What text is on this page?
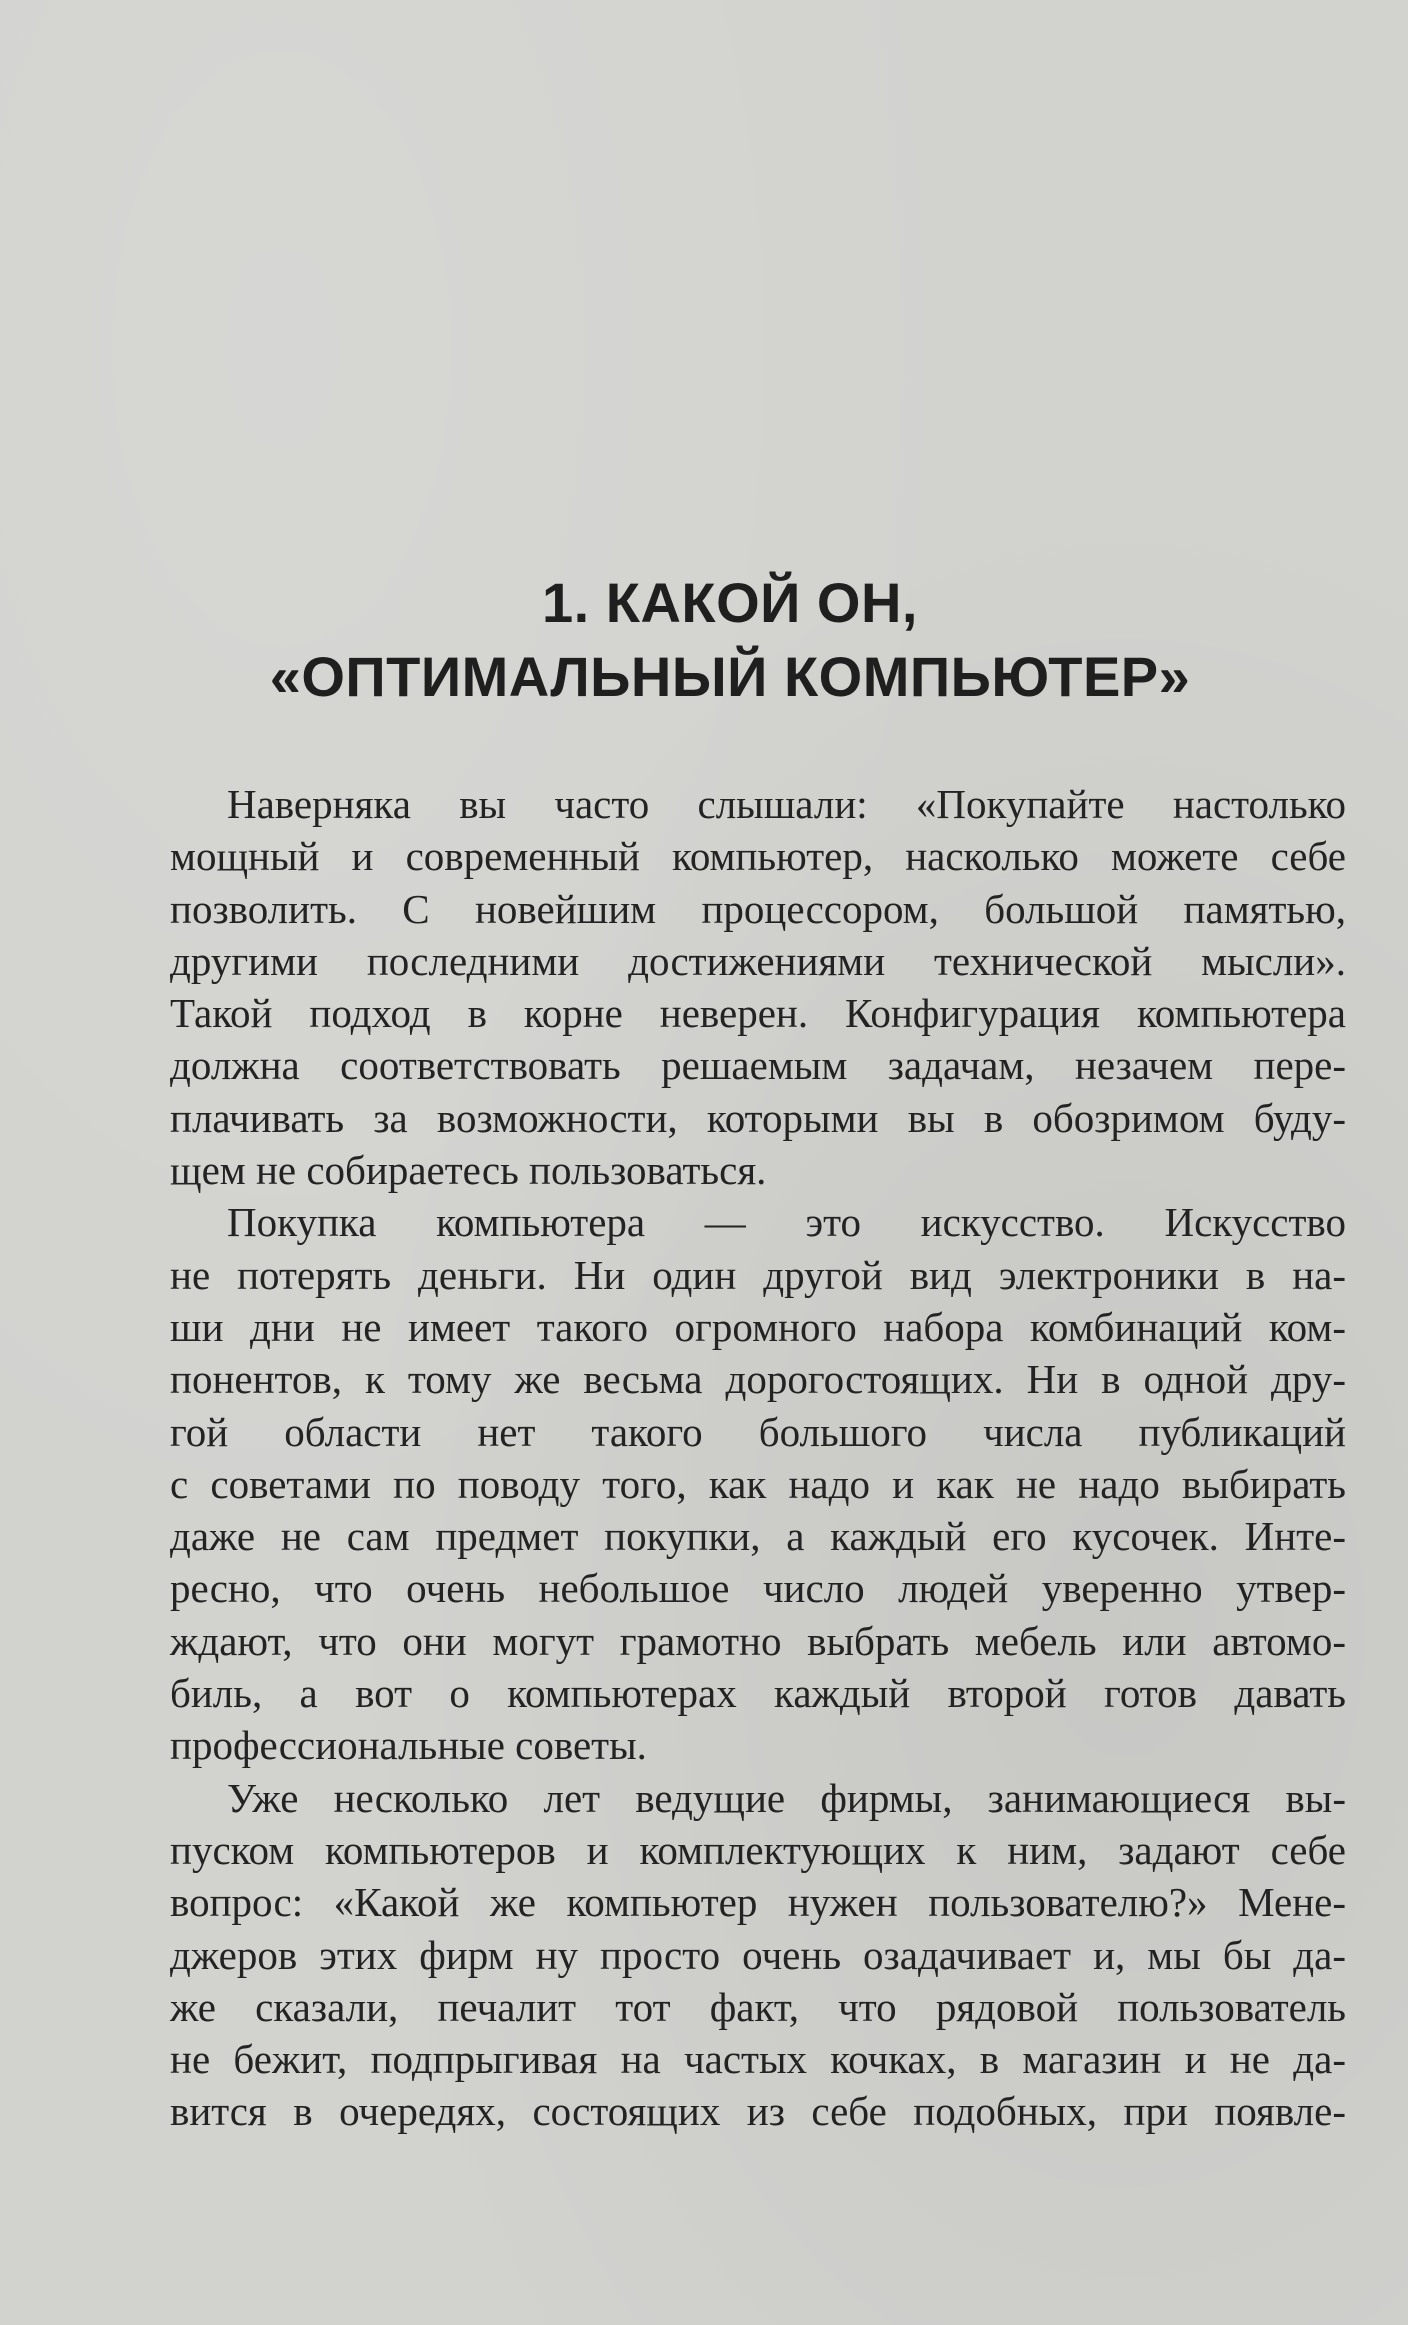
1. КАКОЙ ОН,
«ОПТИМАЛЬНЫЙ КОМПЬЮТЕР»

Наверняка вы часто слышали: «Покупайте настолько
мощный и современный компьютер, насколько можете себе
позволить. С новейшим процессором, большой памятью,
другими последними достижениями технической мысли».
Такой подход в корне неверен. Конфигурация компьютера
должна соответствовать решаемым задачам, незачем пере-
плачивать за возможности, которыми вы в обозримом буду-
щем не собираетесь пользоваться.

Покупка компьютера — это искусство. Искусство
не потерять деньги. Ни один другой вид электроники в на-
ши дни не имеет такого огромного набора комбинаций ком-
понентов, к тому же весьма дорогостоящих. Ни в одной дру-
гой области нет такого большого числа публикаций
с советами по поводу того, как надо и как не надо выбирать
даже не сам предмет покупки, а каждый его кусочек. Инте-
ресно, что очень небольшое число людей уверенно утвер-
ждают, что они могут грамотно выбрать мебель или автомо-
биль, а вот о компьютерах каждый второй готов давать
профессиональные советы.

Уже несколько лет ведущие фирмы, занимающиеся вы-
пуском компьютеров и комплектующих к ним, задают себе
вопрос: «Какой же компьютер нужен пользователю?» Мене-
джеров этих фирм ну просто очень озадачивает и, мы бы да-
же сказали, печалит тот факт, что рядовой пользователь
не бежит, подпрыгивая на частых кочках, в магазин и не да-
вится в очередях, состоящих из себе подобных, при появле-
